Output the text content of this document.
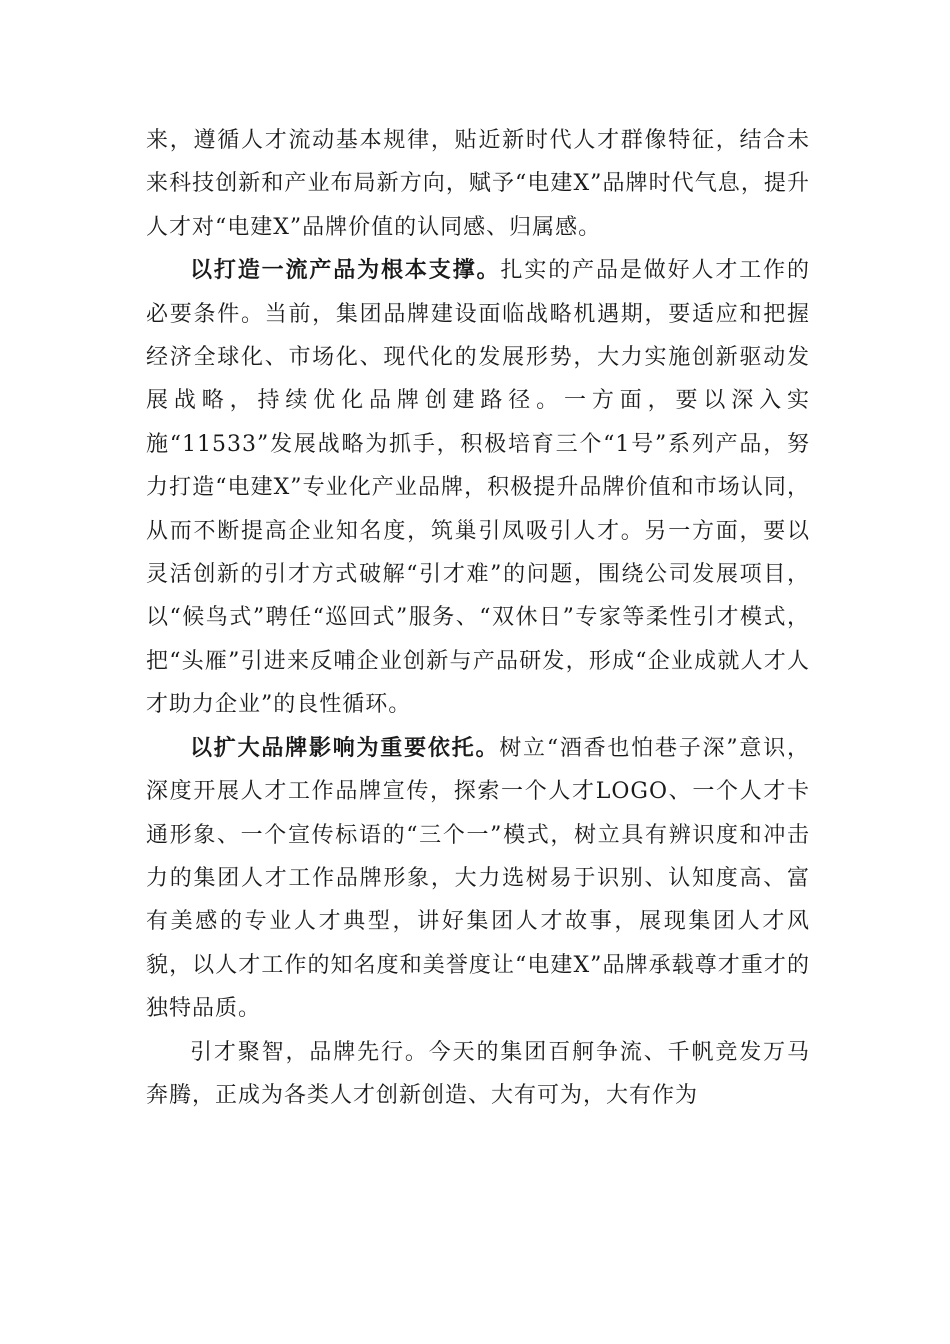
来，遵循人才流动基本规律，贴近新时代人才群像特征，结合未来科技创新和产业布局新方向，赋予“电建X”品牌时代气息，提升人才对“电建X”品牌价值的认同感、归属感。

以打造一流产品为根本支撑。扎实的产品是做好人才工作的必要条件。当前，集团品牌建设面临战略机遇期，要适应和把握经济全球化、市场化、现代化的发展形势，大力实施创新驱动发展战略，持续优化品牌创建路径。一方面，要以深入实施“11533”发展战略为抓手，积极培育三个“1号”系列产品，努力打造“电建X”专业化产业品牌，积极提升品牌价值和市场认同，从而不断提高企业知名度，筑巢引凤吸引人才。另一方面，要以灵活创新的引才方式破解“引才难”的问题，围绕公司发展项目，以“候鸟式”聘任“巡回式”服务、“双休日”专家等柔性引才模式，把“头雁”引进来反哺企业创新与产品研发，形成“企业成就人才人才助力企业”的良性循环。

以扩大品牌影响为重要依托。树立“酒香也怕巷子深”意识，深度开展人才工作品牌宣传，探索一个人才LOGO、一个人才卡通形象、一个宣传标语的“三个一”模式，树立具有辨识度和冲击力的集团人才工作品牌形象，大力选树易于识别、认知度高、富有美感的专业人才典型，讲好集团人才故事，展现集团人才风貌，以人才工作的知名度和美誉度让“电建X”品牌承载尊才重才的独特品质。

引才聚智，品牌先行。今天的集团百舸争流、千帆竞发万马奔腾，正成为各类人才创新创造、大有可为，大有作为
